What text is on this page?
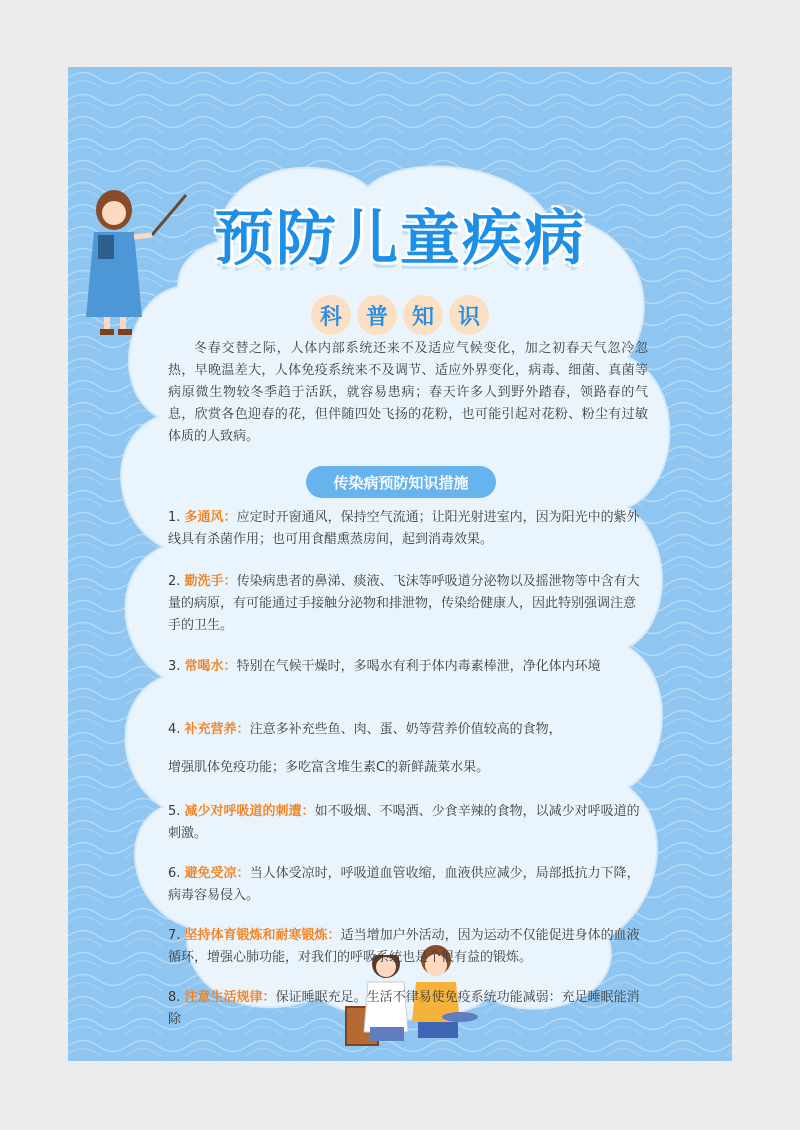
预防儿童疾病
科	普	知	识
冬春交替之际，人体内部系统还来不及适应气候变化，加之初春天气忽冷忽热，早晚温差大，人体免疫系统来不及调节、适应外界变化，病毒、细菌、真菌等病原微生物较冬季趋于活跃，就容易患病；春天许多人到野外踏春，领路春的气息，欣赏各色迎春的花，但伴随四处飞扬的花粉，也可能引起对花粉、粉尘有过敏体质的人致病。
传染病预防知识措施
1. 多通风：应定时开窗通风，保持空气流通；让阳光射进室内，因为阳光中的紫外线具有杀菌作用；也可用食醋熏蒸房间，起到消毒效果。
2. 勤洗手：传染病患者的鼻涕、痰液、飞沫等呼吸道分泌物以及摇泄物等中含有大量的病原，有可能通过手接触分泌物和排泄物，传染给健康人，因此特别强调注意手的卫生。
3. 常喝水：特别在气候干燥时，多喝水有利于体内毒素棒泄，净化体内环境
4. 补充营养：注意多补充些鱼、肉、蛋、奶等营养价值较高的食物，
增强肌体免疫功能；多吃富含堆生素C的新鲜蔬菜水果。
5. 减少对呼吸道的刺遭：如不吸烟、不喝酒、少食辛辣的食物，以减少对呼吸道的刺激。
6. 避免受凉：当人体受凉时，呼吸道血管收缩，血液供应减少，局部抵抗力下降，病毒容易侵入。
7. 坚持体育锻炼和耐寒锻炼：适当增加户外活动，因为运动不仅能促进身体的血液循环，增强心肺功能，对我们的呼吸系统也是个很有益的锻炼。
8. 注意生活规律：保证睡眠充足。生活不律易使免疫系统功能减弱：充足睡眠能消除
